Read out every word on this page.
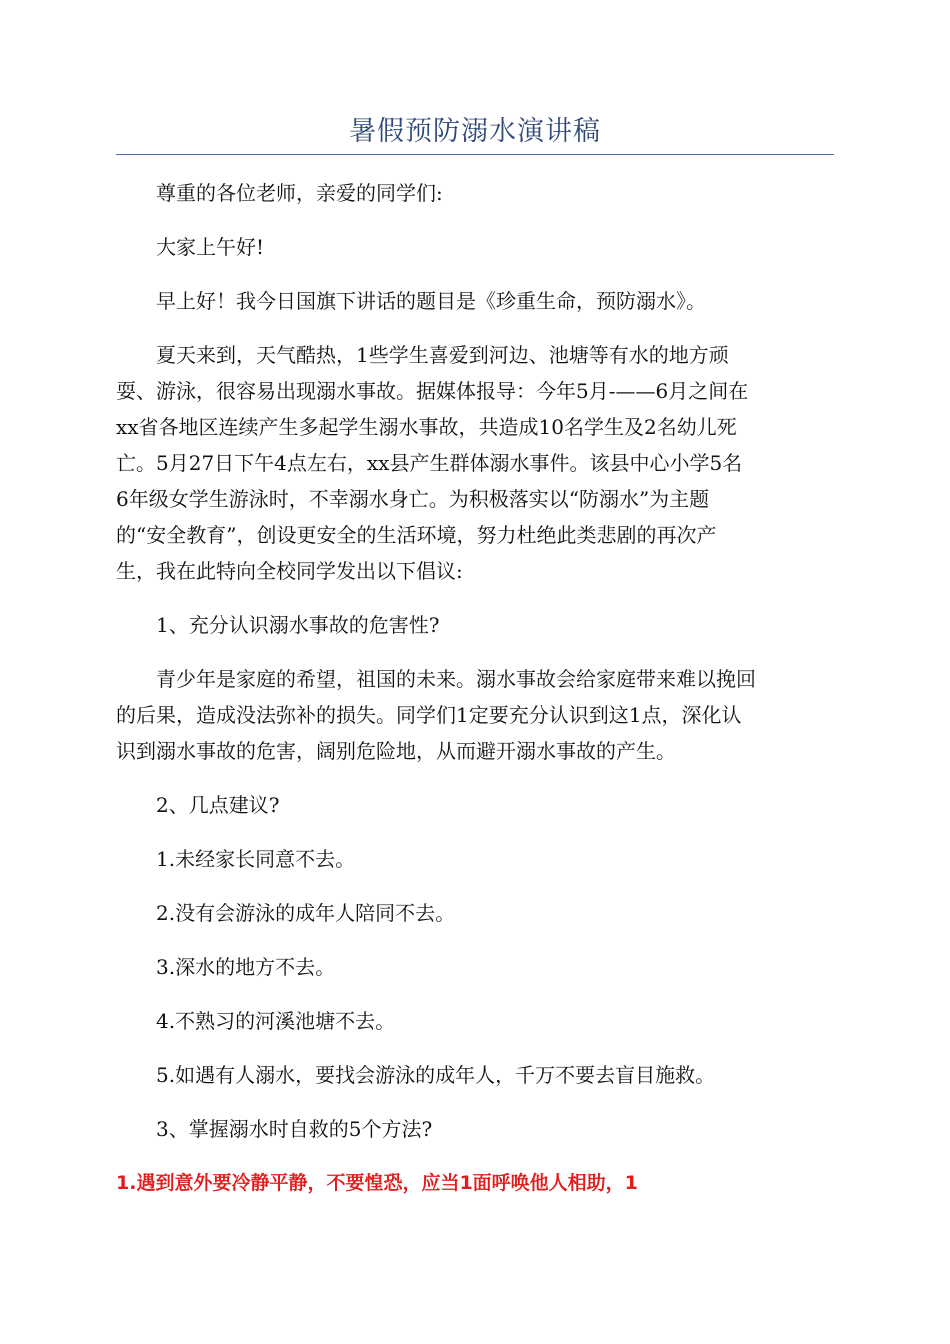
暑假预防溺水演讲稿

尊重的各位老师，亲爱的同学们:

大家上午好!

早上好！我今日国旗下讲话的题目是《珍重生命，预防溺水》。

夏天来到，天气酷热，1些学生喜爱到河边、池塘等有水的地方顽
耍、游泳，很容易出现溺水事故。据媒体报导：今年5月-——6月之间在
xx省各地区连续产生多起学生溺水事故，共造成10名学生及2名幼儿死
亡。5月27日下午4点左右，xx县产生群体溺水事件。该县中心小学5名
6年级女学生游泳时，不幸溺水身亡。为积极落实以“防溺水”为主题
的“安全教育”，创设更安全的生活环境，努力杜绝此类悲剧的再次产
生，我在此特向全校同学发出以下倡议:

1、充分认识溺水事故的危害性?

青少年是家庭的希望，祖国的未来。溺水事故会给家庭带来难以挽回
的后果，造成没法弥补的损失。同学们1定要充分认识到这1点，深化认
识到溺水事故的危害，阔别危险地，从而避开溺水事故的产生。

2、几点建议?

1.未经家长同意不去。

2.没有会游泳的成年人陪同不去。

3.深水的地方不去。

4.不熟习的河溪池塘不去。

5.如遇有人溺水，要找会游泳的成年人，千万不要去盲目施救。

3、掌握溺水时自救的5个方法?

1.遇到意外要冷静平静，不要惶恐，应当1面呼唤他人相助，1
